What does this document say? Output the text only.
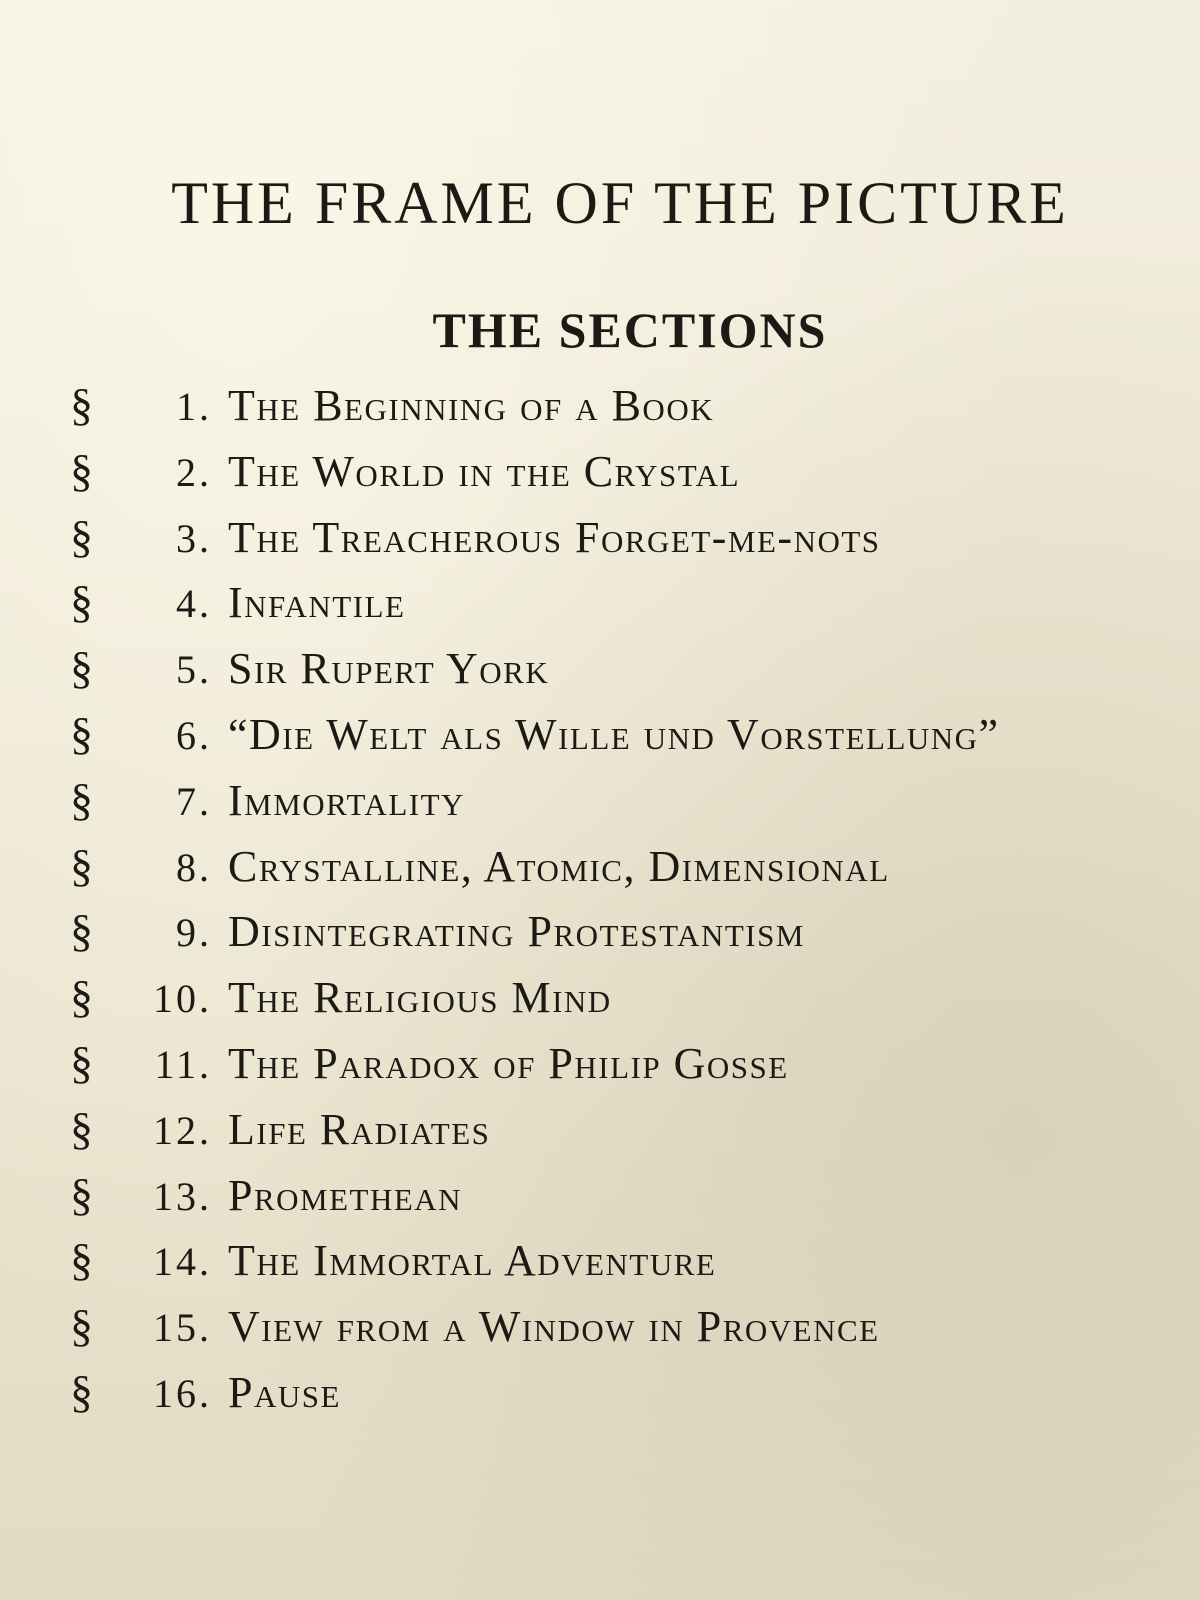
THE FRAME OF THE PICTURE
THE SECTIONS
§	1. The Beginning of a Book
§	2. The World in the Crystal
§	3. The Treacherous Forget-me-nots
§	4. Infantile
§	5. Sir Rupert York
§	6. “Die Welt als Wille und Vorstellung”
§	7. Immortality
§	8. Crystalline, Atomic, Dimensional
§	9. Disintegrating Protestantism
§	10. The Religious Mind
§	11. The Paradox of Philip Gosse
§	12. Life Radiates
§	13. Promethean
§	14. The Immortal Adventure
§	15. View from a Window in Provence
§	16. Pause
